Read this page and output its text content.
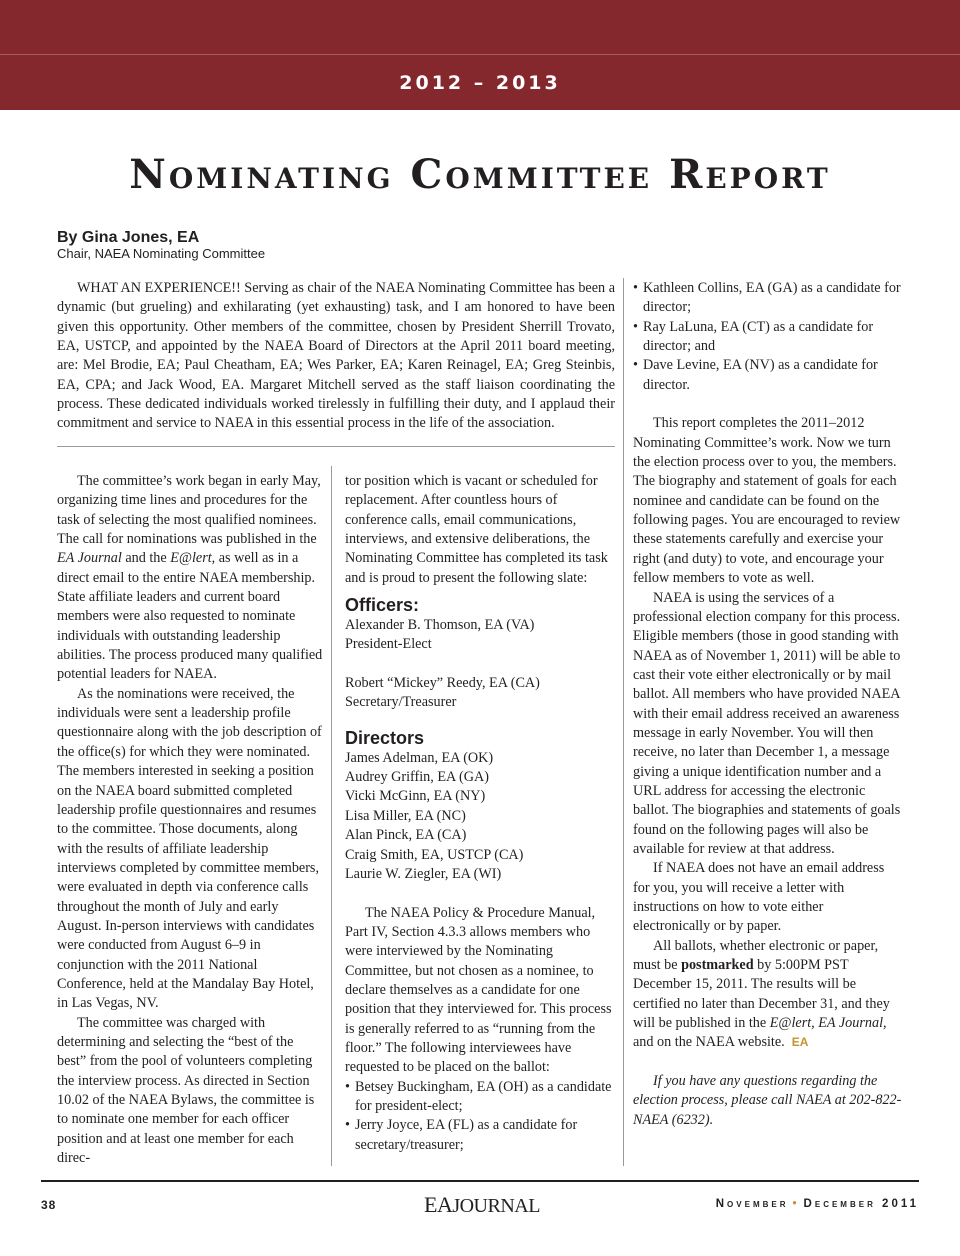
2012 – 2013
Nominating Committee Report
By Gina Jones, EA
Chair, NAEA Nominating Committee

WHAT AN EXPERIENCE!! Serving as chair of the NAEA Nominating Committee has been a dynamic (but grueling) and exhilarating (yet exhausting) task, and I am honored to have been given this opportunity. Other members of the committee, chosen by President Sherrill Trovato, EA, USTCP, and appointed by the NAEA Board of Directors at the April 2011 board meeting, are: Mel Brodie, EA; Paul Cheatham, EA; Wes Parker, EA; Karen Reinagel, EA; Greg Steinbis, EA, CPA; and Jack Wood, EA. Margaret Mitchell served as the staff liaison coordinating the process. These dedicated individuals worked tirelessly in fulfilling their duty, and I applaud their commitment and service to NAEA in this essential process in the life of the association.

The committee’s work began in early May, organizing time lines and procedures for the task of selecting the most qualified nominees. The call for nominations was published in the EA Journal and the E@lert, as well as in a direct email to the entire NAEA membership. State affiliate leaders and current board members were also requested to nominate individuals with outstanding leadership abilities. The process produced many qualified potential leaders for NAEA.

As the nominations were received, the individuals were sent a leadership profile questionnaire along with the job description of the office(s) for which they were nominated. The members interested in seeking a position on the NAEA board submitted completed leadership profile questionnaires and resumes to the committee. Those documents, along with the results of affiliate leadership interviews completed by committee members, were evaluated in depth via conference calls throughout the month of July and early August. In-person interviews with candidates were conducted from August 6–9 in conjunction with the 2011 National Conference, held at the Mandalay Bay Hotel, in Las Vegas, NV.

The committee was charged with determining and selecting the “best of the best” from the pool of volunteers completing the interview process. As directed in Section 10.02 of the NAEA Bylaws, the committee is to nominate one member for each officer position and at least one member for each direc-

tor position which is vacant or scheduled for replacement. After countless hours of conference calls, email communications, interviews, and extensive deliberations, the Nominating Committee has completed its task and is proud to present the following slate:

Officers:
Alexander B. Thomson, EA (VA)
President-Elect
Robert “Mickey” Reedy, EA (CA)
Secretary/Treasurer
Directors
James Adelman, EA (OK)
Audrey Griffin, EA (GA)
Vicki McGinn, EA (NY)
Lisa Miller, EA (NC)
Alan Pinck, EA (CA)
Craig Smith, EA, USTCP (CA)
Laurie W. Ziegler, EA (WI)

The NAEA Policy & Procedure Manual, Part IV, Section 4.3.3 allows members who were interviewed by the Nominating Committee, but not chosen as a nominee, to declare themselves as a candidate for one position that they interviewed for. This process is generally referred to as “running from the floor.” The following interviewees have requested to be placed on the ballot:

• Betsey Buckingham, EA (OH) as a candidate for president-elect;
• Jerry Joyce, EA (FL) as a candidate for secretary/treasurer;
• Kathleen Collins, EA (GA) as a candidate for director;
• Ray LaLuna, EA (CT) as a candidate for director; and
• Dave Levine, EA (NV) as a candidate for director.

This report completes the 2011–2012 Nominating Committee’s work. Now we turn the election process over to you, the members. The biography and statement of goals for each nominee and candidate can be found on the following pages. You are encouraged to review these statements carefully and exercise your right (and duty) to vote, and encourage your fellow members to vote as well.

NAEA is using the services of a professional election company for this process. Eligible members (those in good standing with NAEA as of November 1, 2011) will be able to cast their vote either electronically or by mail ballot. All members who have provided NAEA with their email address received an awareness message in early November. You will then receive, no later than December 1, a message giving a unique identification number and a URL address for accessing the electronic ballot. The biographies and statements of goals found on the following pages will also be available for review at that address.

If NAEA does not have an email address for you, you will receive a letter with instructions on how to vote either electronically or by paper.

All ballots, whether electronic or paper, must be postmarked by 5:00PM PST December 15, 2011. The results will be certified no later than December 31, and they will be published in the E@lert, EA Journal, and on the NAEA website. EA

If you have any questions regarding the election process, please call NAEA at 202-822-NAEA (6232).

38	EAJOURNAL	November • December 2011
